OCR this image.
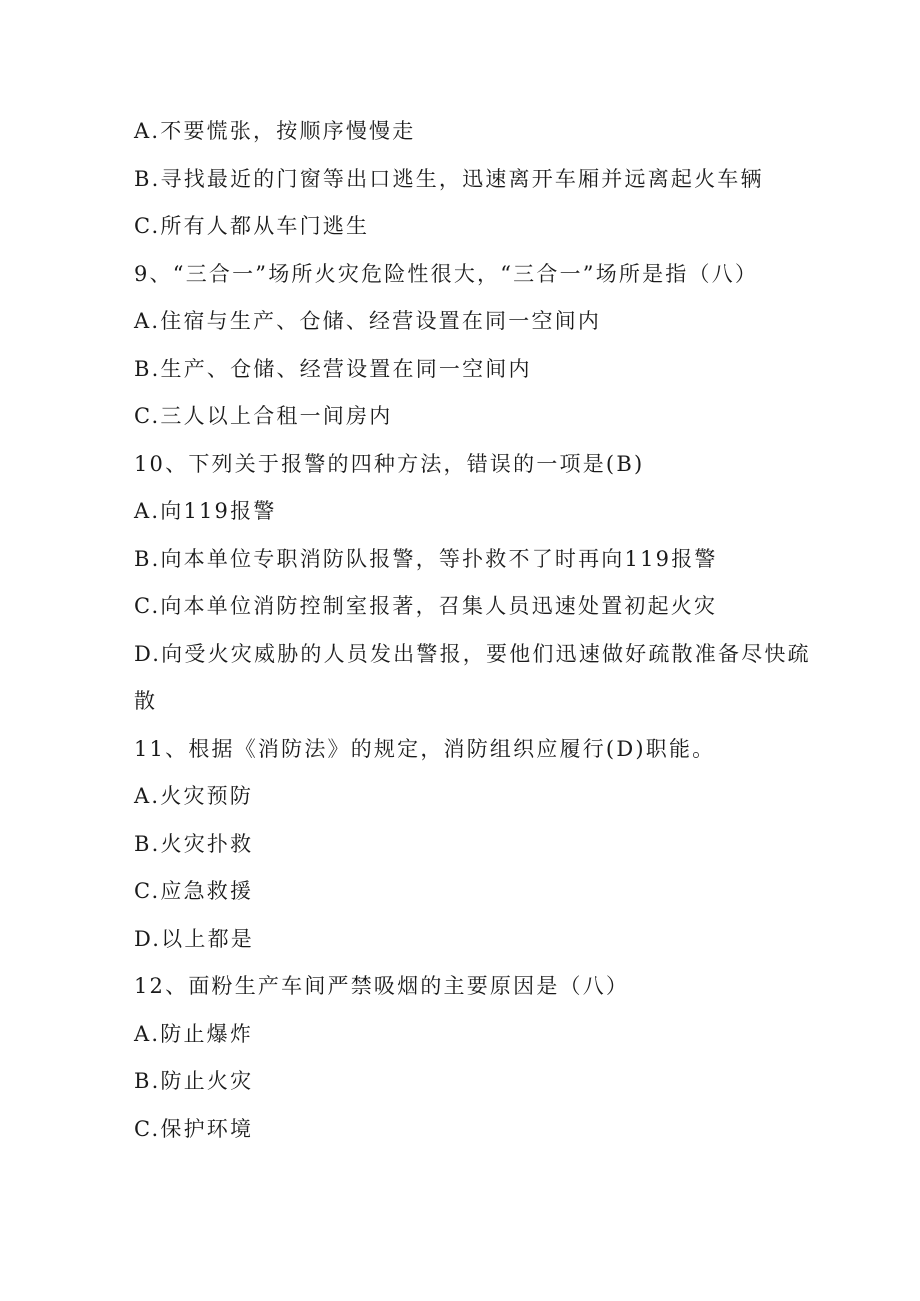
A.不要慌张，按顺序慢慢走
B.寻找最近的门窗等出口逃生，迅速离开车厢并远离起火车辆
C.所有人都从车门逃生
9、“三合一”场所火灾危险性很大，“三合一”场所是指（八）
A.住宿与生产、仓储、经营设置在同一空间内
B.生产、仓储、经营设置在同一空间内
C.三人以上合租一间房内
10、下列关于报警的四种方法，错误的一项是(B)
A.向119报警
B.向本单位专职消防队报警，等扑救不了时再向119报警
C.向本单位消防控制室报著，召集人员迅速处置初起火灾
D.向受火灾威胁的人员发出警报，要他们迅速做好疏散准备尽快疏
散
11、根据《消防法》的规定，消防组织应履行(D)职能。
A.火灾预防
B.火灾扑救
C.应急救援
D.以上都是
12、面粉生产车间严禁吸烟的主要原因是（八）
A.防止爆炸
B.防止火灾
C.保护环境
